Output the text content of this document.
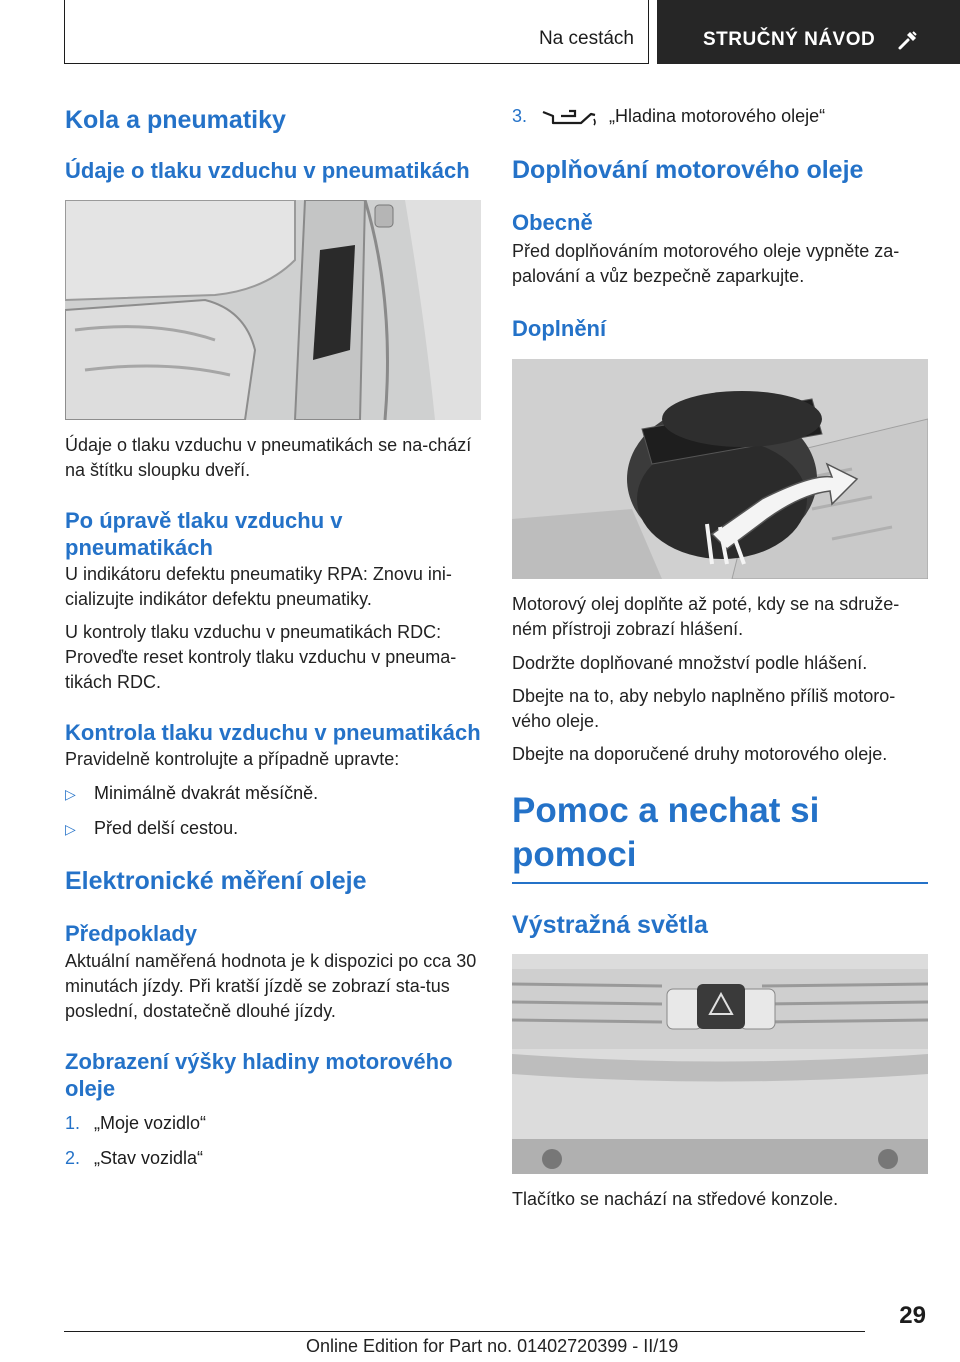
Na cestách	STRUČNÝ NÁVOD
Kola a pneumatiky
Údaje o tlaku vzduchu v pneumatikách

Údaje o tlaku vzduchu v pneumatikách se na-chází na štítku sloupku dveří.

Po úpravě tlaku vzduchu v pneumatikách

U indikátoru defektu pneumatiky RPA: Znovu ini-cializujte indikátor defektu pneumatiky.

U kontroly tlaku vzduchu v pneumatikách RDC: Proveďte reset kontroly tlaku vzduchu v pneuma-tikách RDC.

Kontrola tlaku vzduchu v pneumatikách

Pravidelně kontrolujte a případně upravte:

▷	Minimálně dvakrát měsíčně.
▷	Před delší cestou.
Elektronické měření oleje
Předpoklady

Aktuální naměřená hodnota je k dispozici po cca 30 minutách jízdy. Při kratší jízdě se zobrazí sta-tus poslední, dostatečně dlouhé jízdy.

Zobrazení výšky hladiny motorového oleje
1. „Moje vozidlo“
2. „Stav vozidla“
3.	„Hladina motorového oleje“
Doplňování motorového oleje
Obecně

Před doplňováním motorového oleje vypněte za-palování a vůz bezpečně zaparkujte.

Doplnění

Motorový olej doplňte až poté, kdy se na sdruže-ném přístroji zobrazí hlášení.

Dodržte doplňované množství podle hlášení.

Dbejte na to, aby nebylo naplněno příliš motoro-vého oleje.

Dbejte na doporučené druhy motorového oleje.

Pomoc a nechat si pomoci
Výstražná světla

Tlačítko se nachází na středové konzole.

29
Online Edition for Part no. 01402720399 - II/19
